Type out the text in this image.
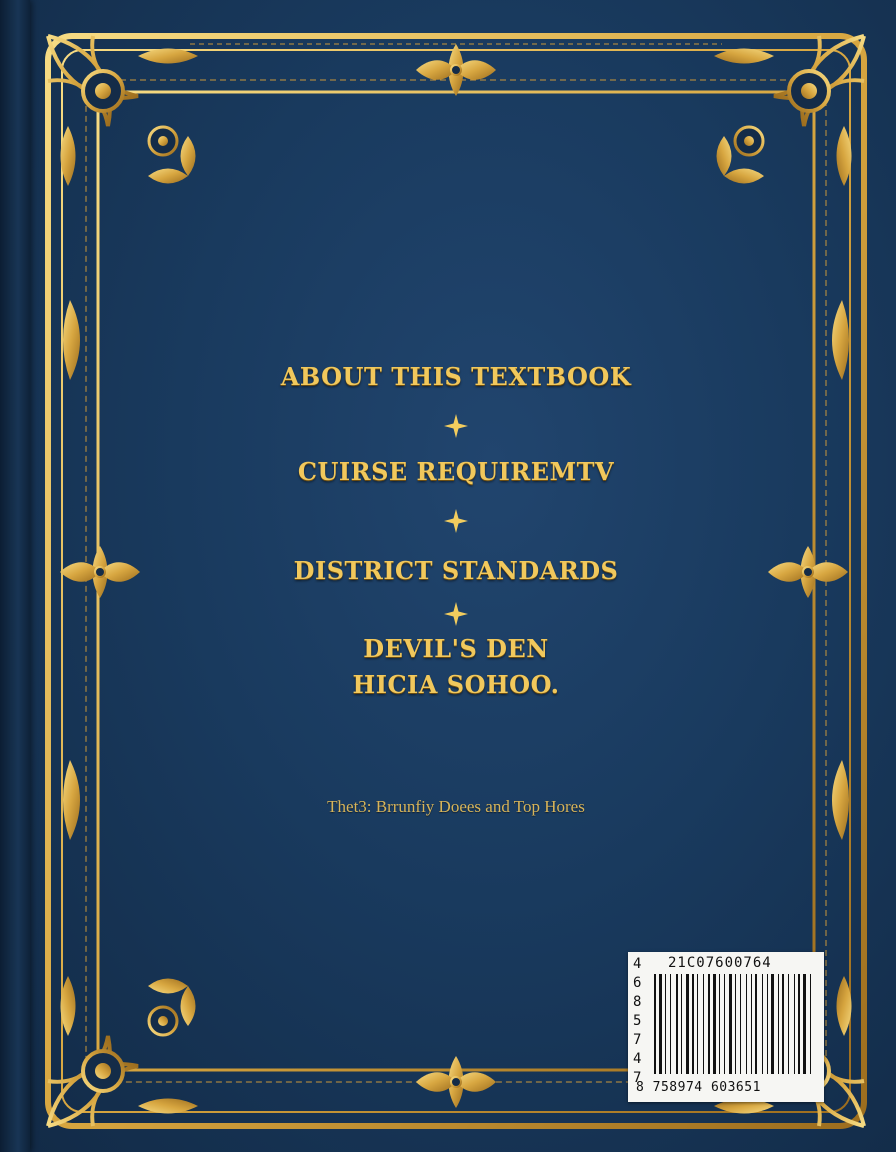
ABOUT THIS TEXTBOOK
CUIRSE REQUIREMTV
DISTRICT STANDARDS
DEVIL'S DEN
HICIA SOHOO.
Thet3: Brrunfiy Doees and Top Hores
4685747
21C07600764
8 758974 603651
